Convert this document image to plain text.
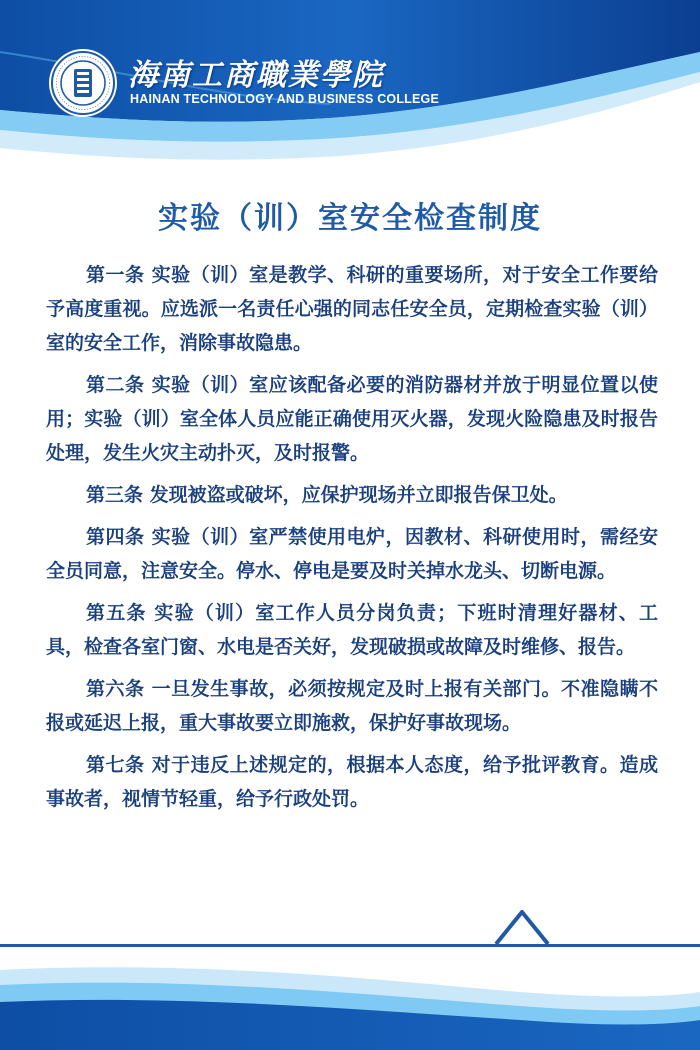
海南工商職業學院
HAINAN TECHNOLOGY AND BUSINESS COLLEGE
实验（训）室安全检查制度

第一条 实验（训）室是教学、科研的重要场所，对于安全工作要给予高度重视。应选派一名责任心强的同志任安全员，定期检查实验（训）室的安全工作，消除事故隐患。

第二条 实验（训）室应该配备必要的消防器材并放于明显位置以使用；实验（训）室全体人员应能正确使用灭火器，发现火险隐患及时报告处理，发生火灾主动扑灭，及时报警。

第三条 发现被盗或破坏，应保护现场并立即报告保卫处。

第四条 实验（训）室严禁使用电炉，因教材、科研使用时，需经安全员同意，注意安全。停水、停电是要及时关掉水龙头、切断电源。

第五条 实验（训）室工作人员分岗负责；下班时清理好器材、工具，检查各室门窗、水电是否关好，发现破损或故障及时维修、报告。

第六条 一旦发生事故，必须按规定及时上报有关部门。不准隐瞒不报或延迟上报，重大事故要立即施救，保护好事故现场。

第七条 对于违反上述规定的，根据本人态度，给予批评教育。造成事故者，视情节轻重，给予行政处罚。
